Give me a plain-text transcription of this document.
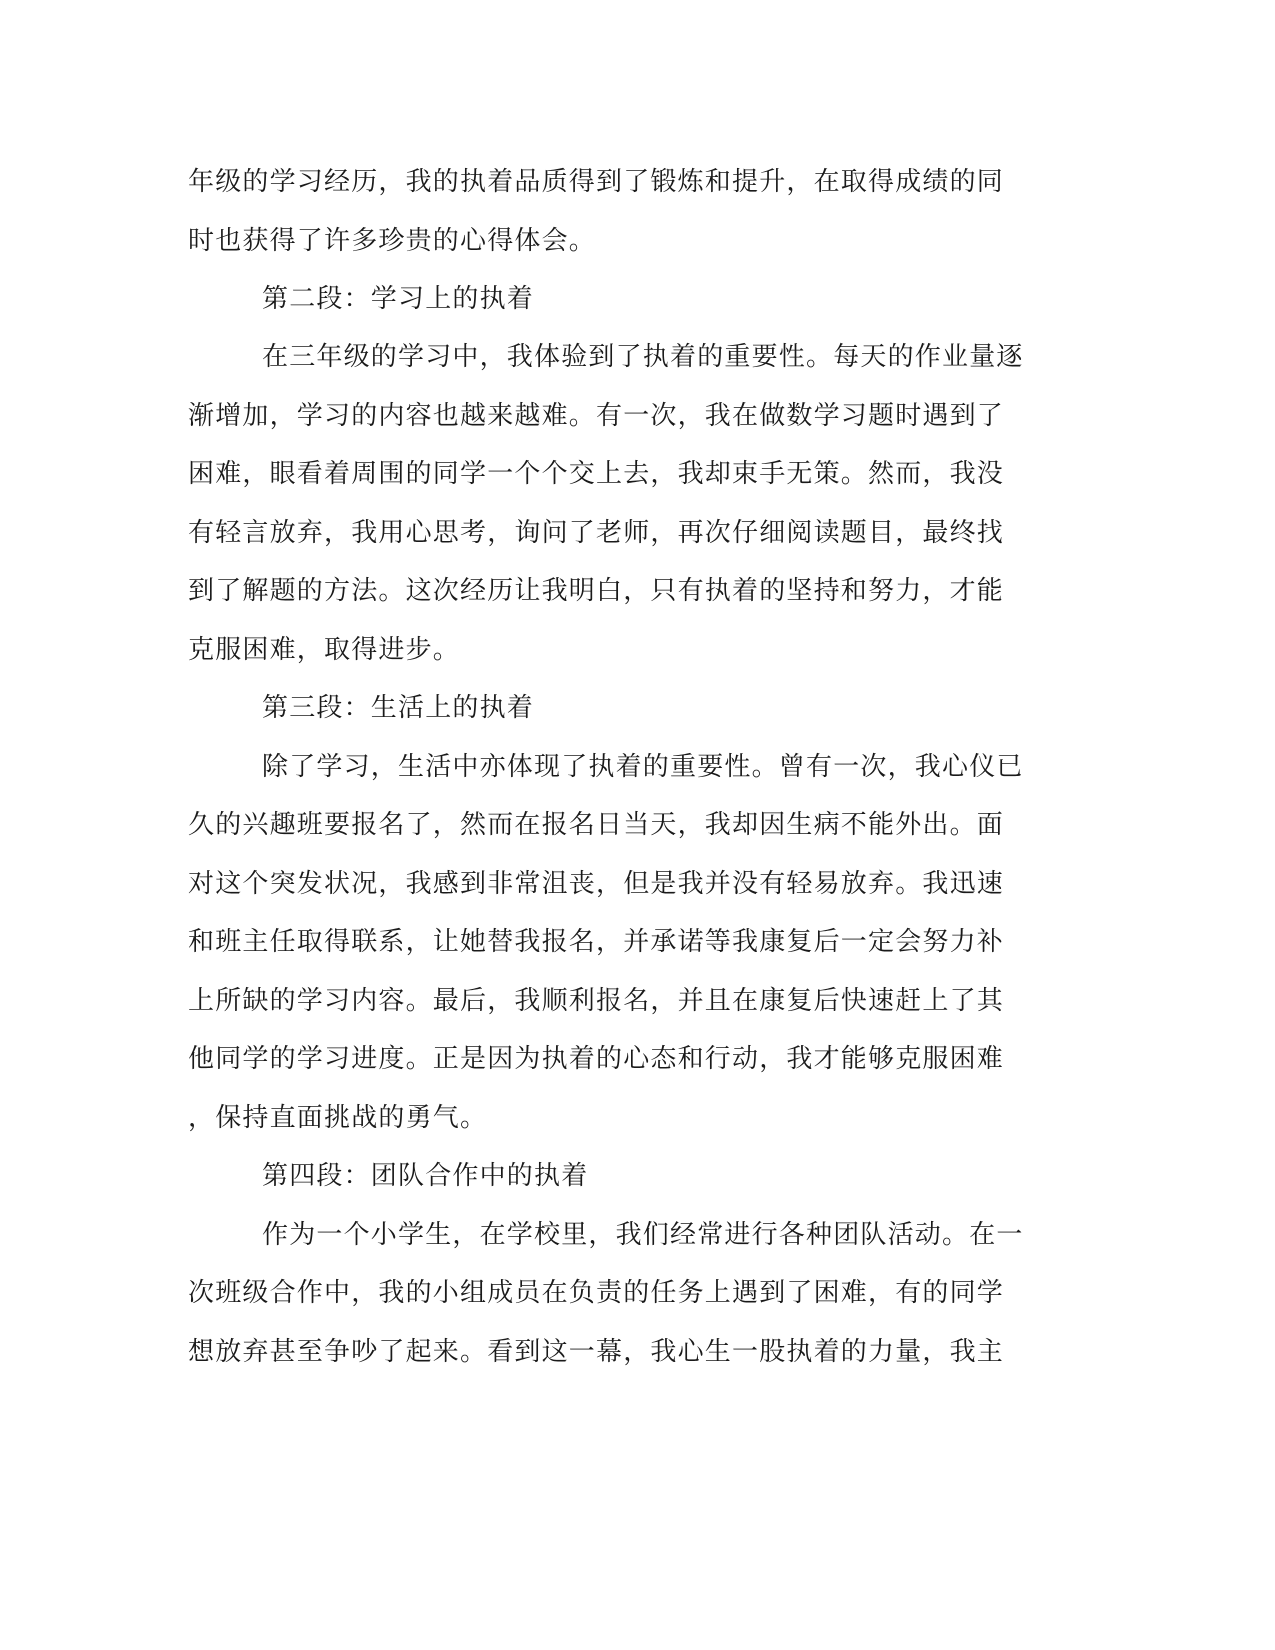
年级的学习经历，我的执着品质得到了锻炼和提升，在取得成绩的同
时也获得了许多珍贵的心得体会。
第二段：学习上的执着
在三年级的学习中，我体验到了执着的重要性。每天的作业量逐
渐增加，学习的内容也越来越难。有一次，我在做数学习题时遇到了
困难，眼看着周围的同学一个个交上去，我却束手无策。然而，我没
有轻言放弃，我用心思考，询问了老师，再次仔细阅读题目，最终找
到了解题的方法。这次经历让我明白，只有执着的坚持和努力，才能
克服困难，取得进步。
第三段：生活上的执着
除了学习，生活中亦体现了执着的重要性。曾有一次，我心仪已
久的兴趣班要报名了，然而在报名日当天，我却因生病不能外出。面
对这个突发状况，我感到非常沮丧，但是我并没有轻易放弃。我迅速
和班主任取得联系，让她替我报名，并承诺等我康复后一定会努力补
上所缺的学习内容。最后，我顺利报名，并且在康复后快速赶上了其
他同学的学习进度。正是因为执着的心态和行动，我才能够克服困难
，保持直面挑战的勇气。
第四段：团队合作中的执着
作为一个小学生，在学校里，我们经常进行各种团队活动。在一
次班级合作中，我的小组成员在负责的任务上遇到了困难，有的同学
想放弃甚至争吵了起来。看到这一幕，我心生一股执着的力量，我主
